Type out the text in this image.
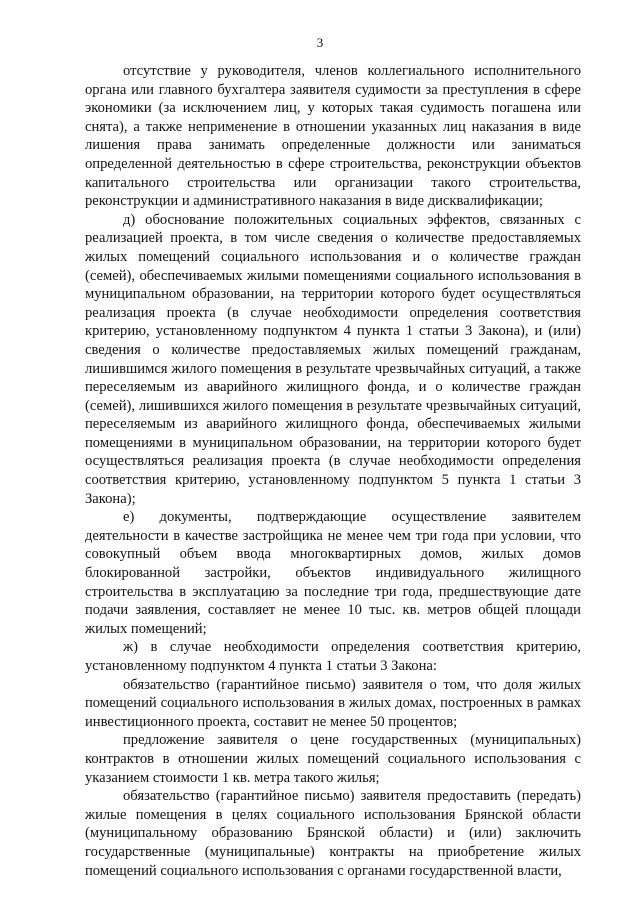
3

отсутствие у руководителя, членов коллегиального исполнительного органа или главного бухгалтера заявителя судимости за преступления в сфере экономики (за исключением лиц, у которых такая судимость погашена или снята), а также неприменение в отношении указанных лиц наказания в виде лишения права занимать определенные должности или заниматься определенной деятельностью в сфере строительства, реконструкции объектов капитального строительства или организации такого строительства, реконструкции и административного наказания в виде дисквалификации;

д) обоснование положительных социальных эффектов, связанных с реализацией проекта, в том числе сведения о количестве предоставляемых жилых помещений социального использования и о количестве граждан (семей), обеспечиваемых жилыми помещениями социального использования в муниципальном образовании, на территории которого будет осуществляться реализация проекта (в случае необходимости определения соответствия критерию, установленному подпунктом 4 пункта 1 статьи 3 Закона), и (или) сведения о количестве предоставляемых жилых помещений гражданам, лишившимся жилого помещения в результате чрезвычайных ситуаций, а также переселяемым из аварийного жилищного фонда, и о количестве граждан (семей), лишившихся жилого помещения в результате чрезвычайных ситуаций, переселяемым из аварийного жилищного фонда, обеспечиваемых жилыми помещениями в муниципальном образовании, на территории которого будет осуществляться реализация проекта (в случае необходимости определения соответствия критерию, установленному подпунктом 5 пункта 1 статьи 3 Закона);

е) документы, подтверждающие осуществление заявителем деятельности в качестве застройщика не менее чем три года при условии, что совокупный объем ввода многоквартирных домов, жилых домов блокированной застройки, объектов индивидуального жилищного строительства в эксплуатацию за последние три года, предшествующие дате подачи заявления, составляет не менее 10 тыс. кв. метров общей площади жилых помещений;

ж) в случае необходимости определения соответствия критерию, установленному подпунктом 4 пункта 1 статьи 3 Закона:

обязательство (гарантийное письмо) заявителя о том, что доля жилых помещений социального использования в жилых домах, построенных в рамках инвестиционного проекта, составит не менее 50 процентов;

предложение заявителя о цене государственных (муниципальных) контрактов в отношении жилых помещений социального использования с указанием стоимости 1 кв. метра такого жилья;

обязательство (гарантийное письмо) заявителя предоставить (передать) жилые помещения в целях социального использования Брянской области (муниципальному образованию Брянской области) и (или) заключить государственные (муниципальные) контракты на приобретение жилых помещений социального использования с органами государственной власти,
